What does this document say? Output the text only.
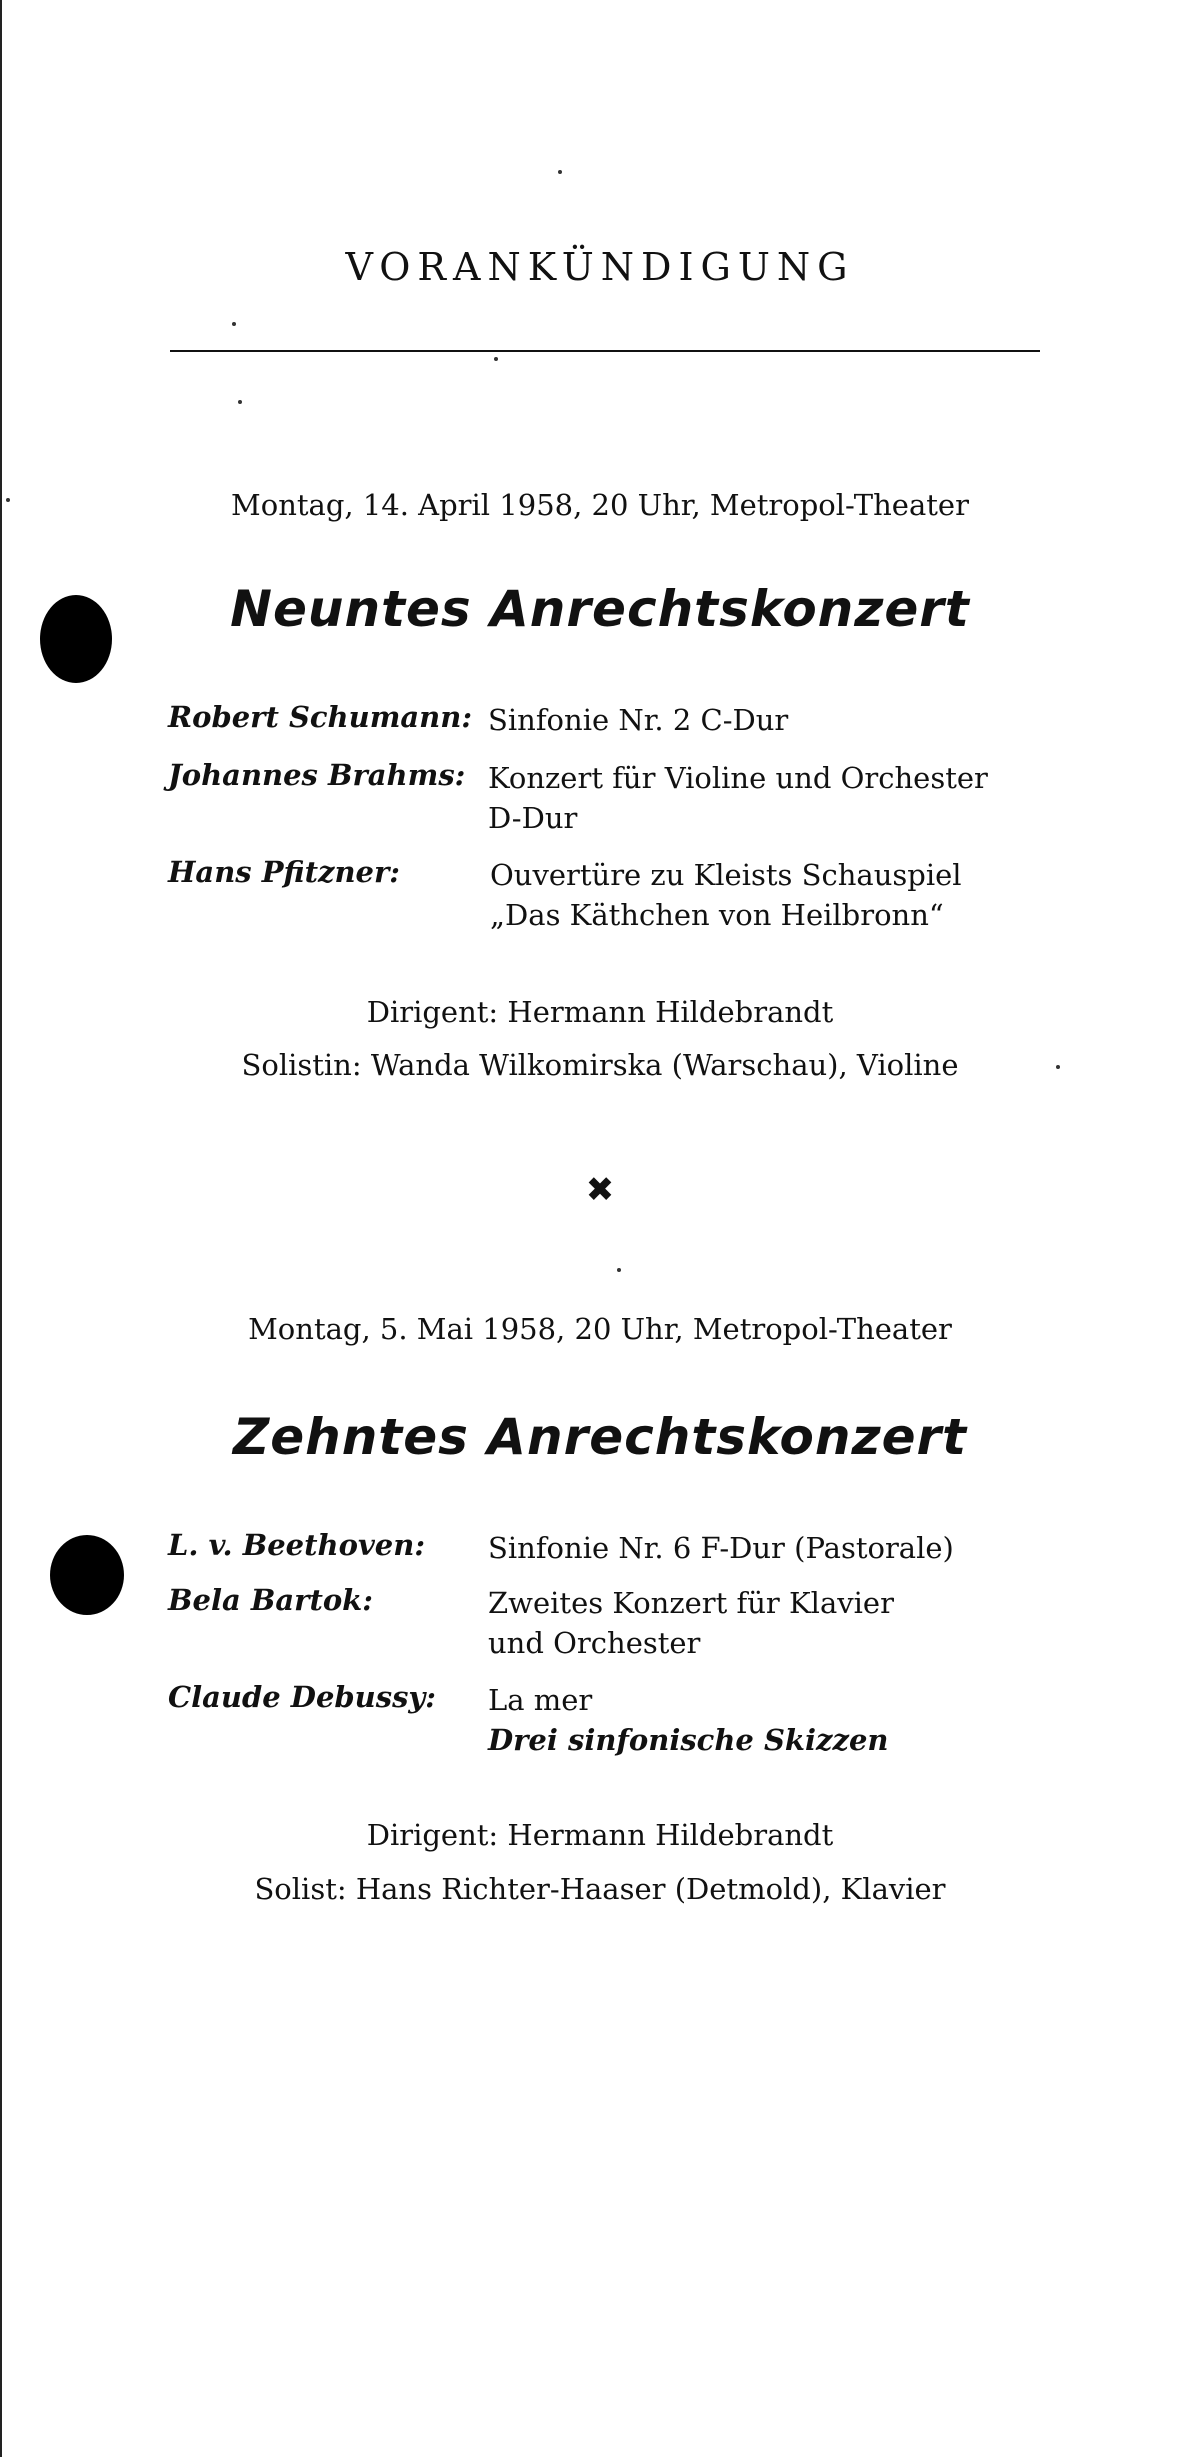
VORANKÜNDIGUNG
Montag, 14. April 1958, 20 Uhr, Metropol-Theater
Neuntes Anrechtskonzert
Robert Schumann: Sinfonie Nr. 2 C-Dur
Johannes Brahms: Konzert für Violine und Orchester
D-Dur
Hans Pfitzner:	Ouvertüre zu Kleists Schauspiel
„Das Käthchen von Heilbronn“
Dirigent: Hermann Hildebrandt
Solistin: Wanda Wilkomirska (Warschau), Violine
✖
Montag, 5. Mai 1958, 20 Uhr, Metropol-Theater
Zehntes Anrechtskonzert
L. v. Beethoven: Sinfonie Nr. 6 F-Dur (Pastorale)
Bela Bartok:	Zweites Konzert für Klavier
und Orchester
Claude Debussy: La mer
Drei sinfonische Skizzen
Dirigent: Hermann Hildebrandt
Solist: Hans Richter-Haaser (Detmold), Klavier
